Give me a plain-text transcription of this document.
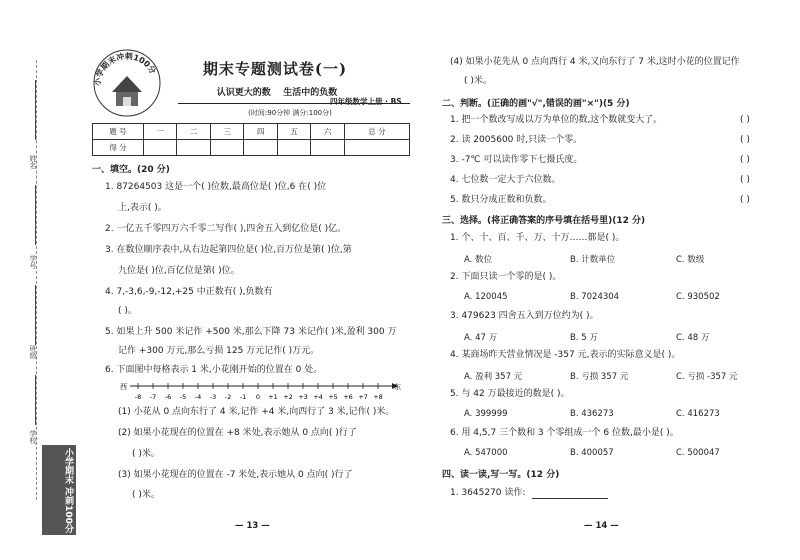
姓名
学号
班级
学校
小学期末 冲刺100分
小学期末冲刺100分	期末专题测试卷(一)
认识更大的数 生活中的负数
四年级数学上册 · BS
(时间:90分钟 满分:100分)
题 号	一	二	三	四	五	六	总 分
得 分							
一、填空。(20 分)
1. 87264503 这是一个( )位数,最高位是( )位,6 在( )位
上,表示( )。
2. 一亿五千零四万六千零二写作( ),四舍五入到亿位是( )亿。
3. 在数位顺序表中,从右边起第四位是( )位,百万位是第( )位,第
九位是( )位,百亿位是第( )位。
4. 7,-3,6,-9,-12,+25 中正数有( ),负数有
( )。
5. 如果上升 500 米记作 +500 米,那么下降 73 米记作( )米,盈利 300 万
记作 +300 万元,那么亏损 125 万元记作( )万元。
6. 下面图中每格表示 1 米,小花刚开始的位置在 0 处。
西	东
-8 -7 -6 -5 -4 -3 -2 -1 0 +1 +2 +3 +4 +5 +6 +7 +8
(1) 小花从 0 点向东行了 4 米,记作 +4 米,向西行了 3 米,记作( )米。
(2) 如果小花现在的位置在 +8 米处,表示她从 0 点向( )行了
( )米。
(3) 如果小花现在的位置在 -7 米处,表示她从 0 点向( )行了
( )米。
— 13 —
(4) 如果小花先从 0 点向西行 4 米,又向东行了 7 米,这时小花的位置记作
( )米。
二、判断。(正确的画"√",错误的画"×")(5 分)
1. 把一个数改写成以万为单位的数,这个数就变大了。	( )
2. 读 2005600 时,只读一个零。	( )
3. -7℃ 可以读作零下七摄氏度。	( )
4. 七位数一定大于六位数。	( )
5. 数只分成正数和负数。	( )
三、选择。(将正确答案的序号填在括号里)(12 分)
1. 个、十、百、千、万、十万……都是( )。
A. 数位	B. 计数单位	C. 数级
2. 下面只读一个零的是( )。
A. 120045	B. 7024304	C. 930502
3. 479623 四舍五入到万位约为( )。
A. 47 万	B. 5 万	C. 48 万
4. 某商场昨天营业情况是 -357 元,表示的实际意义是( )。
A. 盈利 357 元	B. 亏损 357 元	C. 亏损 -357 元
5. 与 42 万最接近的数是( )。
A. 399999	B. 436273	C. 416273
6. 用 4,5,7 三个数和 3 个零组成一个 6 位数,最小是( )。
A. 547000	B. 400057	C. 500047
四、读一读,写一写。(12 分)
1. 3645270 读作:
— 14 —
